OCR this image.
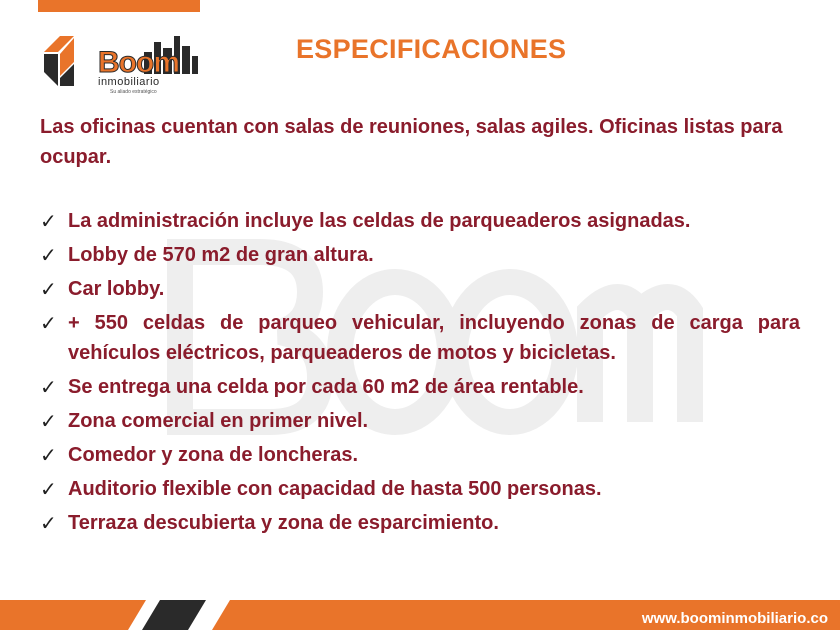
Boom
inmobiliario
Su aliado estratégico
ESPECIFICACIONES
Las oficinas cuentan con salas de reuniones, salas agiles. Oficinas listas para ocupar.
✓ La administración incluye las celdas de parqueaderos asignadas.
✓ Lobby de 570 m2 de gran altura.
✓ Car lobby.
✓ + 550 celdas de parqueo vehicular, incluyendo zonas de carga para vehículos eléctricos, parqueaderos de motos y bicicletas.
✓ Se entrega una celda por cada 60 m2 de área rentable.
✓ Zona comercial en primer nivel.
✓ Comedor y zona de loncheras.
✓ Auditorio flexible con capacidad de hasta 500 personas.
✓ Terraza descubierta y zona de esparcimiento.
www.boominmobiliario.co
